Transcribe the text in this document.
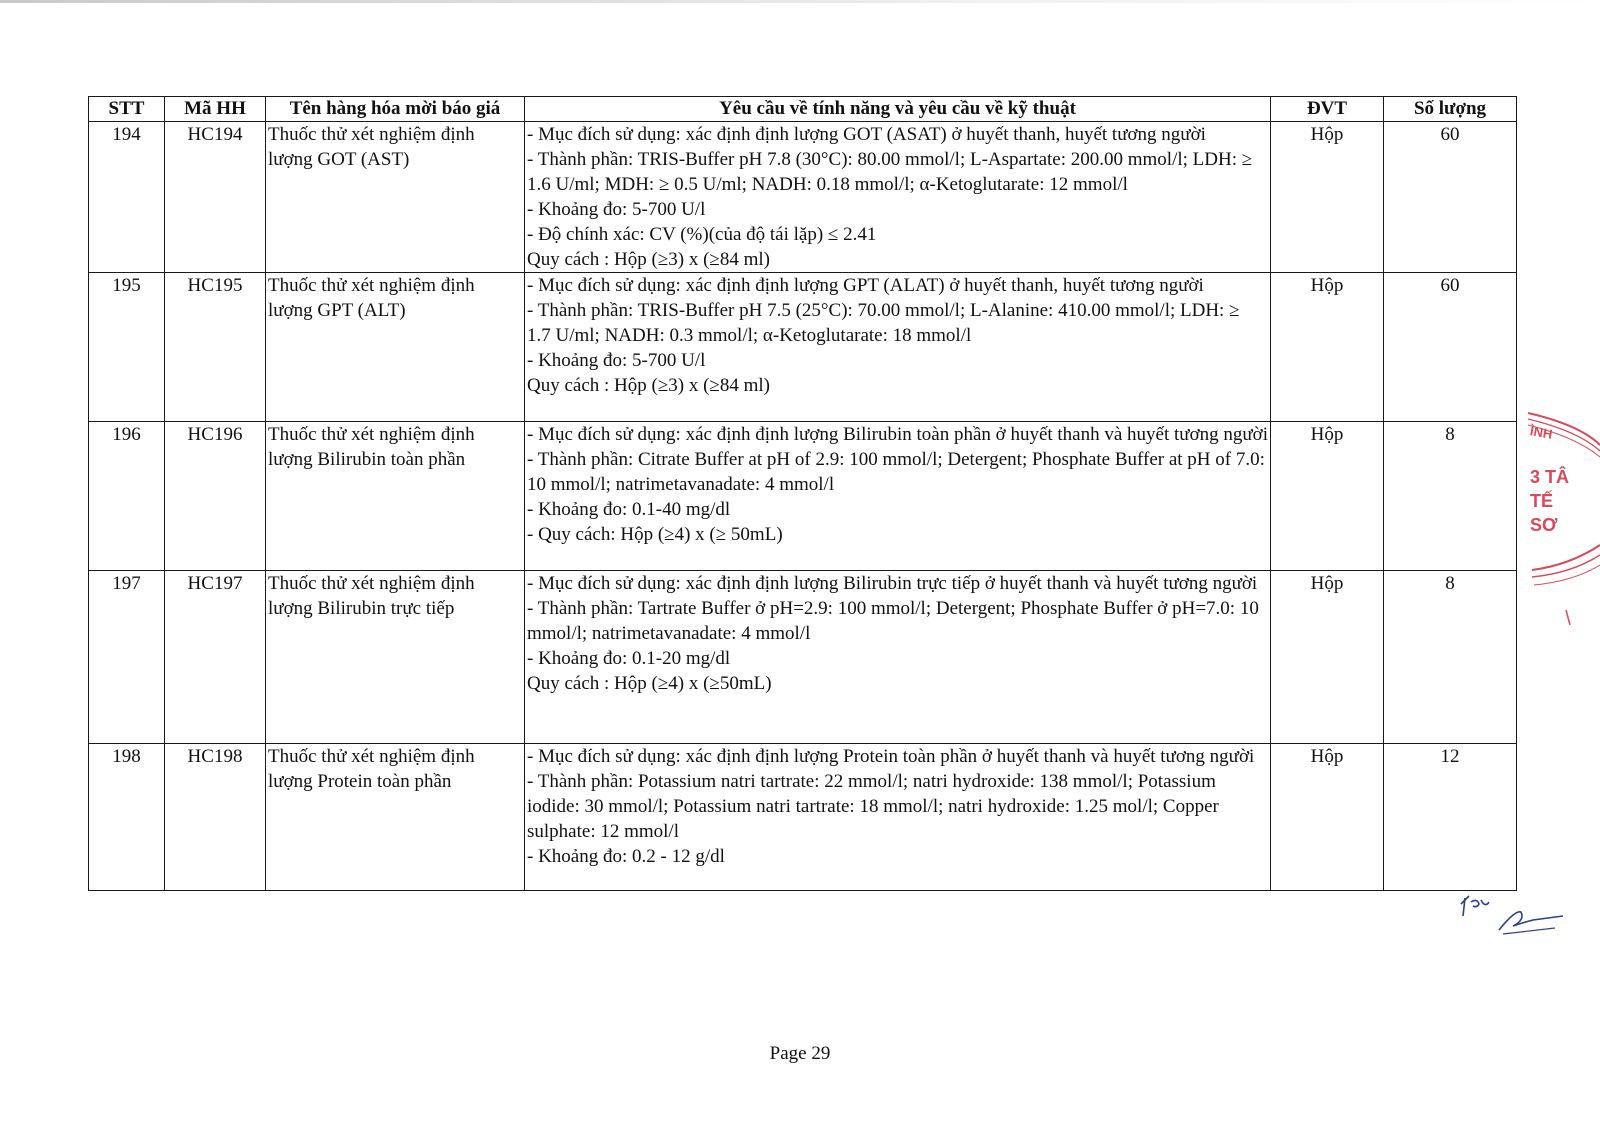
STT	Mã HH	Tên hàng hóa mời báo giá	Yêu cầu về tính năng và yêu cầu về kỹ thuật	ĐVT	Số lượng
194	HC194	Thuốc thử xét nghiệm định lượng GOT (AST)	- Mục đích sử dụng: xác định định lượng GOT (ASAT) ở huyết thanh, huyết tương người
- Thành phần: TRIS-Buffer pH 7.8 (30°C): 80.00 mmol/l; L-Aspartate: 200.00 mmol/l; LDH: ≥ 1.6 U/ml; MDH: ≥ 0.5 U/ml; NADH: 0.18 mmol/l; α-Ketoglutarate: 12 mmol/l
- Khoảng đo: 5-700 U/l
- Độ chính xác: CV (%)(của độ tái lặp) ≤ 2.41
Quy cách : Hộp (≥3) x (≥84 ml)	Hộp	60
195	HC195	Thuốc thử xét nghiệm định lượng GPT (ALT)	- Mục đích sử dụng: xác định định lượng GPT (ALAT) ở huyết thanh, huyết tương người
- Thành phần: TRIS-Buffer pH 7.5 (25°C): 70.00 mmol/l; L-Alanine: 410.00 mmol/l; LDH: ≥ 1.7 U/ml; NADH: 0.3 mmol/l; α-Ketoglutarate: 18 mmol/l
- Khoảng đo: 5-700 U/l
Quy cách : Hộp (≥3) x (≥84 ml)	Hộp	60
196	HC196	Thuốc thử xét nghiệm định lượng Bilirubin toàn phần	- Mục đích sử dụng: xác định định lượng Bilirubin toàn phần ở huyết thanh và huyết tương người
- Thành phần: Citrate Buffer at pH of 2.9: 100 mmol/l; Detergent; Phosphate Buffer at pH of 7.0: 10 mmol/l; natrimetavanadate: 4 mmol/l
- Khoảng đo: 0.1-40 mg/dl
- Quy cách: Hộp (≥4) x (≥ 50mL)	Hộp	8
197	HC197	Thuốc thử xét nghiệm định lượng Bilirubin trực tiếp	- Mục đích sử dụng: xác định định lượng Bilirubin trực tiếp ở huyết thanh và huyết tương người
- Thành phần: Tartrate Buffer ở pH=2.9: 100 mmol/l; Detergent; Phosphate Buffer ở pH=7.0: 10 mmol/l; natrimetavanadate: 4 mmol/l
- Khoảng đo: 0.1-20 mg/dl
Quy cách : Hộp (≥4) x (≥50mL)	Hộp	8
198	HC198	Thuốc thử xét nghiệm định lượng Protein toàn phần	- Mục đích sử dụng: xác định định lượng Protein toàn phần ở huyết thanh và huyết tương người
- Thành phần: Potassium natri tartrate: 22 mmol/l; natri hydroxide: 138 mmol/l; Potassium iodide: 30 mmol/l; Potassium natri tartrate: 18 mmol/l; natri hydroxide: 1.25 mol/l; Copper sulphate: 12 mmol/l
- Khoảng đo: 0.2 - 12 g/dl	Hộp	12
ÌNH
3 TÂ
TẾ
SƠ
Page 29
